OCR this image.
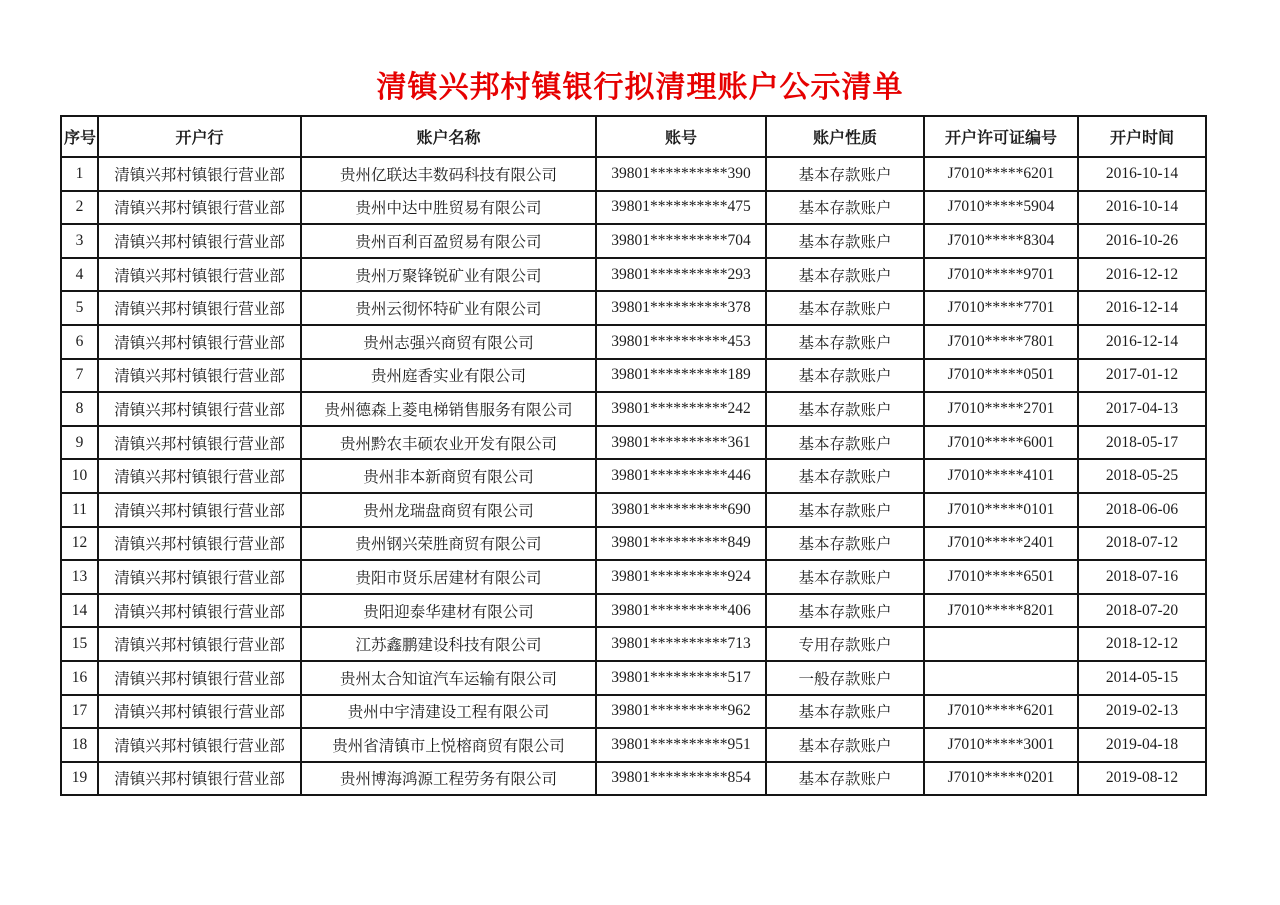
清镇兴邦村镇银行拟清理账户公示清单
序号	开户行	账户名称	账号	账户性质	开户许可证编号	开户时间
1	清镇兴邦村镇银行营业部	贵州亿联达丰数码科技有限公司	39801**********390	基本存款账户	J7010*****6201	2016-10-14
2	清镇兴邦村镇银行营业部	贵州中达中胜贸易有限公司	39801**********475	基本存款账户	J7010*****5904	2016-10-14
3	清镇兴邦村镇银行营业部	贵州百利百盈贸易有限公司	39801**********704	基本存款账户	J7010*****8304	2016-10-26
4	清镇兴邦村镇银行营业部	贵州万聚锋锐矿业有限公司	39801**********293	基本存款账户	J7010*****9701	2016-12-12
5	清镇兴邦村镇银行营业部	贵州云彻怀特矿业有限公司	39801**********378	基本存款账户	J7010*****7701	2016-12-14
6	清镇兴邦村镇银行营业部	贵州志强兴商贸有限公司	39801**********453	基本存款账户	J7010*****7801	2016-12-14
7	清镇兴邦村镇银行营业部	贵州庭香实业有限公司	39801**********189	基本存款账户	J7010*****0501	2017-01-12
8	清镇兴邦村镇银行营业部	贵州德森上菱电梯销售服务有限公司	39801**********242	基本存款账户	J7010*****2701	2017-04-13
9	清镇兴邦村镇银行营业部	贵州黔农丰硕农业开发有限公司	39801**********361	基本存款账户	J7010*****6001	2018-05-17
10	清镇兴邦村镇银行营业部	贵州非本新商贸有限公司	39801**********446	基本存款账户	J7010*****4101	2018-05-25
11	清镇兴邦村镇银行营业部	贵州龙瑞盘商贸有限公司	39801**********690	基本存款账户	J7010*****0101	2018-06-06
12	清镇兴邦村镇银行营业部	贵州钢兴荣胜商贸有限公司	39801**********849	基本存款账户	J7010*****2401	2018-07-12
13	清镇兴邦村镇银行营业部	贵阳市贤乐居建材有限公司	39801**********924	基本存款账户	J7010*****6501	2018-07-16
14	清镇兴邦村镇银行营业部	贵阳迎泰华建材有限公司	39801**********406	基本存款账户	J7010*****8201	2018-07-20
15	清镇兴邦村镇银行营业部	江苏鑫鹏建设科技有限公司	39801**********713	专用存款账户		2018-12-12
16	清镇兴邦村镇银行营业部	贵州太合知谊汽车运输有限公司	39801**********517	一般存款账户		2014-05-15
17	清镇兴邦村镇银行营业部	贵州中宇清建设工程有限公司	39801**********962	基本存款账户	J7010*****6201	2019-02-13
18	清镇兴邦村镇银行营业部	贵州省清镇市上悦榕商贸有限公司	39801**********951	基本存款账户	J7010*****3001	2019-04-18
19	清镇兴邦村镇银行营业部	贵州博海鸿源工程劳务有限公司	39801**********854	基本存款账户	J7010*****0201	2019-08-12
